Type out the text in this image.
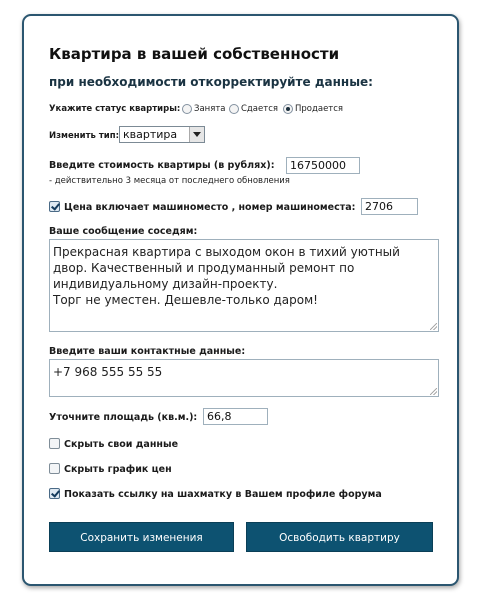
Квартира в вашей собственности
при необходимости откорректируйте данные:
Укажите статус квартиры: Занята Сдается Продается
Изменить тип: квартира
Введите стоимость квартиры (в рублях):
16750000
- действительно 3 месяца от последнего обновления
Цена включает машиноместо , номер машиноместа:
2706
Ваше сообщение соседям:
Прекрасная квартира с выходом окон в тихий уютный двор. Качественный и продуманный ремонт по индивидуальному дизайн-проекту. Торг не уместен. Дешевле-только даром!
Введите ваши контактные данные:
+7 968 555 55 55
Уточните площадь (кв.м.):
66,8
Скрыть свои данные
Скрыть график цен
Показать ссылку на шахматку в Вашем профиле форума
Сохранить изменения	Освободить квартиру
